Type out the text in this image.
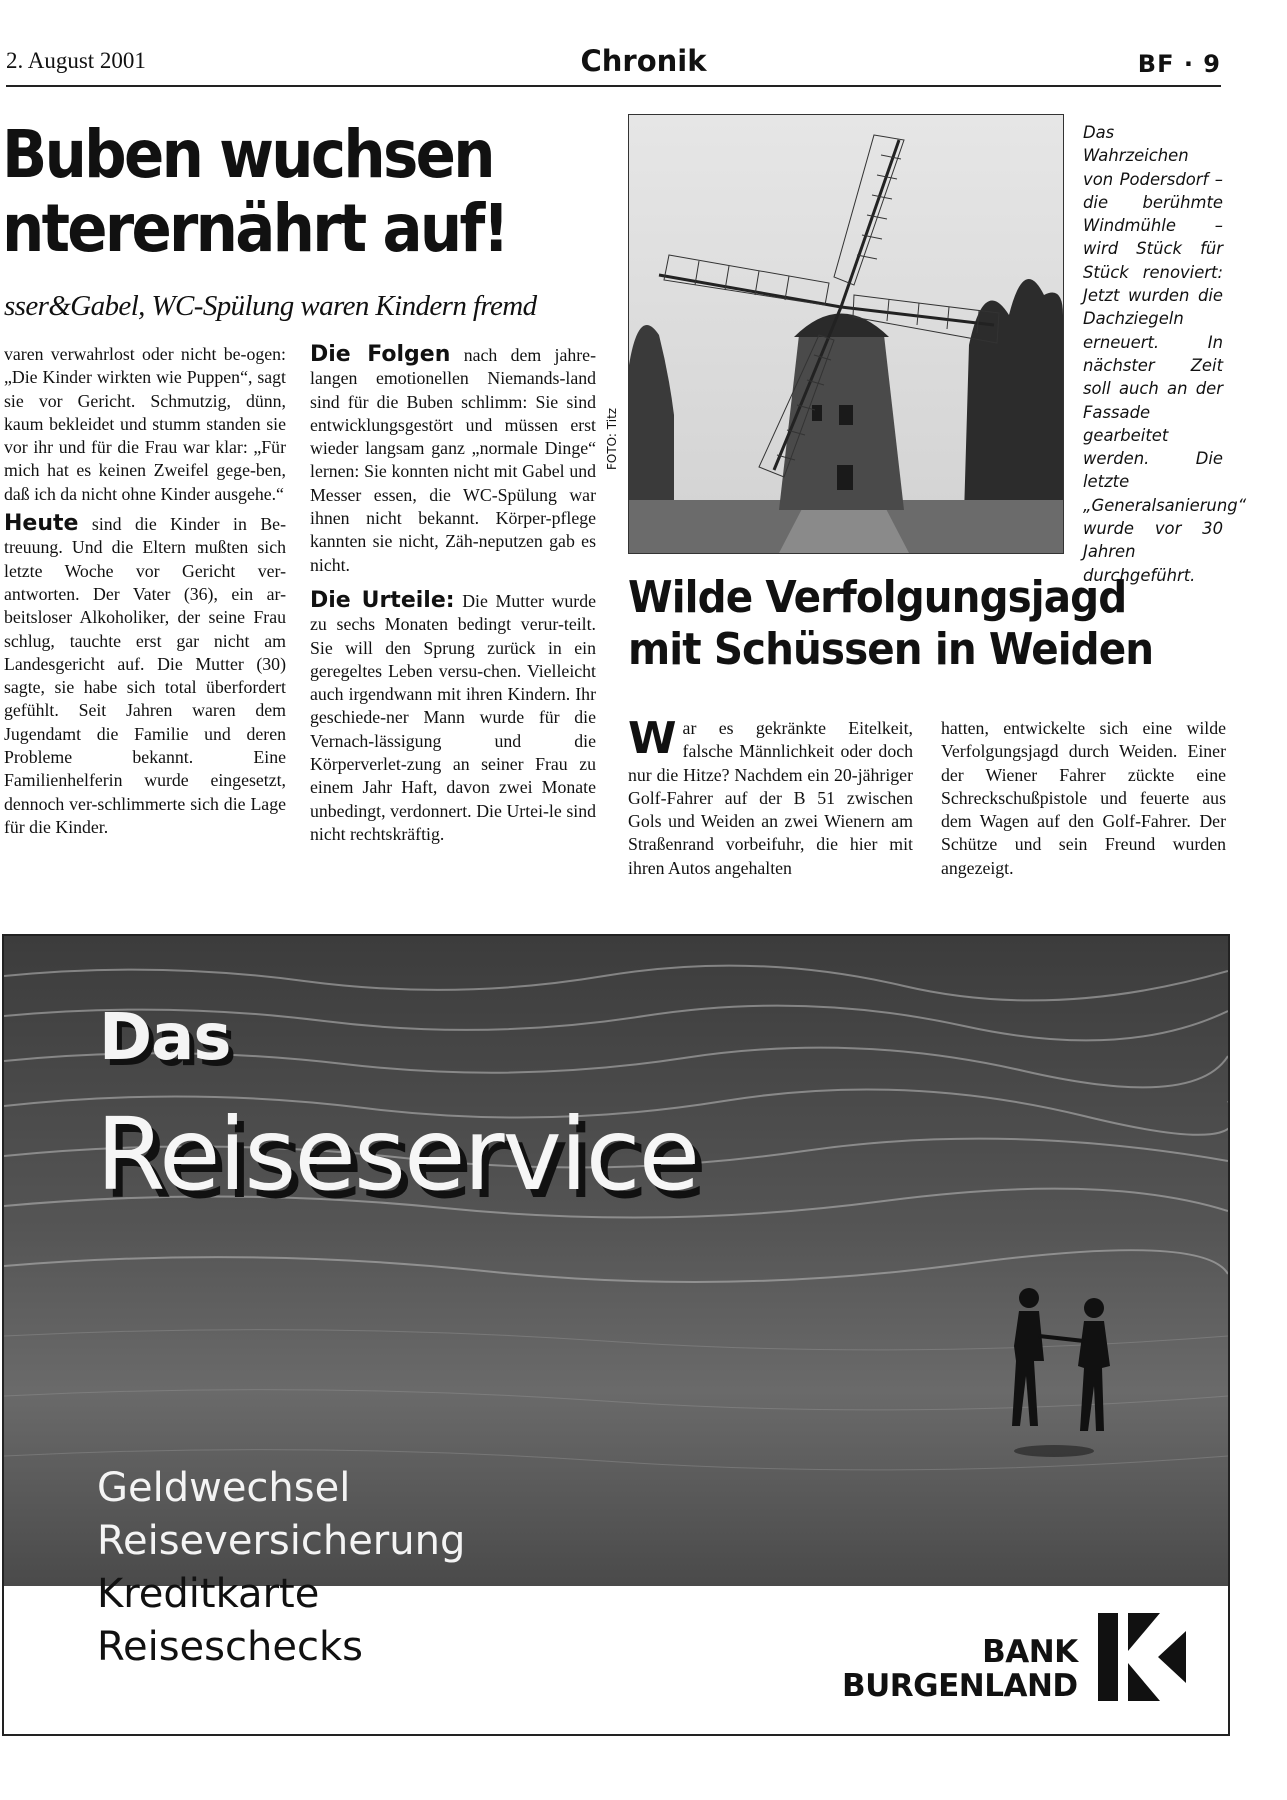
2. August 2001	Chronik	BF · 9
Buben wuchsen
nterernährt auf!
sser&Gabel, WC-Spülung waren Kindern fremd

varen verwahrlost oder nicht be-ogen: „Die Kinder wirkten wie Puppen“, sagt sie vor Gericht. Schmutzig, dünn, kaum bekleidet und stumm standen sie vor ihr und für die Frau war klar: „Für mich hat es keinen Zweifel gege-ben, daß ich da nicht ohne Kinder ausgehe.“

Heute sind die Kinder in Be-treuung. Und die Eltern mußten sich letzte Woche vor Gericht ver-antworten. Der Vater (36), ein ar-beitsloser Alkoholiker, der seine Frau schlug, tauchte erst gar nicht am Landesgericht auf. Die Mutter (30) sagte, sie habe sich total überfordert gefühlt. Seit Jahren waren dem Jugendamt die Familie und deren Probleme bekannt. Eine Familienhelferin wurde eingesetzt, dennoch ver-schlimmerte sich die Lage für die Kinder.

Die Folgen nach dem jahre-langen emotionellen Niemands-land sind für die Buben schlimm: Sie sind entwicklungsgestört und müssen erst wieder langsam ganz „normale Dinge“ lernen: Sie konnten nicht mit Gabel und Messer essen, die WC-Spülung war ihnen nicht bekannt. Körper-pflege kannten sie nicht, Zäh-neputzen gab es nicht.

Die Urteile: Die Mutter wurde zu sechs Monaten bedingt verur-teilt. Sie will den Sprung zurück in ein geregeltes Leben versu-chen. Vielleicht auch irgendwann mit ihren Kindern. Ihr geschiede-ner Mann wurde für die Vernach-lässigung und die Körperverlet-zung an seiner Frau zu einem Jahr Haft, davon zwei Monate unbedingt, verdonnert. Die Urtei-le sind nicht rechtskräftig.

FOTO: Titz
Das Wahrzeichen von Podersdorf – die berühmte Windmühle – wird Stück für Stück renoviert: Jetzt wurden die Dachziegeln erneuert. In nächster Zeit soll auch an der Fassade gearbeitet werden. Die letzte „Generalsanierung“ wurde vor 30 Jahren durchgeführt.
Wilde Verfolgungsjagd
mit Schüssen in Weiden
War es gekränkte Eitelkeit, falsche Männlichkeit oder doch nur die Hitze? Nachdem ein 20-jähriger Golf-Fahrer auf der B 51 zwischen Gols und Weiden an zwei Wienern am Straßenrand vorbeifuhr, die hier mit ihren Autos angehalten
hatten, entwickelte sich eine wilde Verfolgungsjagd durch Weiden. Einer der Wiener Fahrer zückte eine Schreckschußpistole und feuerte aus dem Wagen auf den Golf-Fahrer. Der Schütze und sein Freund wurden angezeigt.
Das
Reiseservice
Geldwechsel
Reiseversicherung
Kreditkarte
Reiseschecks	BANK
BURGENLAND
